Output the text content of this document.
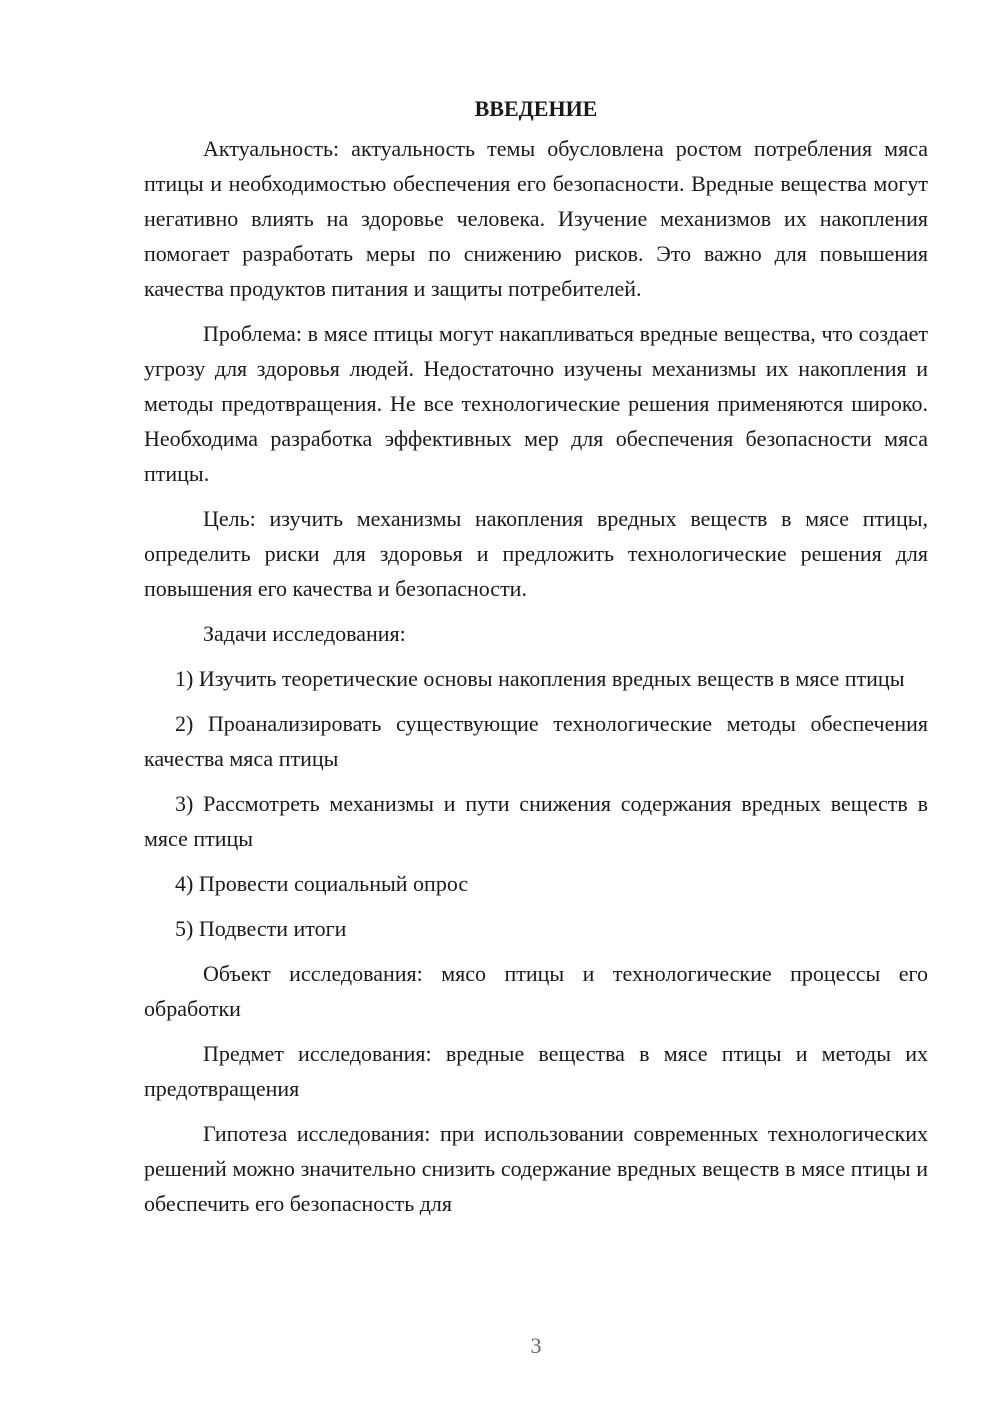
ВВЕДЕНИЕ

Актуальность: актуальность темы обусловлена ростом потребления мяса птицы и необходимостью обеспечения его безопасности. Вредные вещества могут негативно влиять на здоровье человека. Изучение механизмов их накопления помогает разработать меры по снижению рисков. Это важно для повышения качества продуктов питания и защиты потребителей.

Проблема: в мясе птицы могут накапливаться вредные вещества, что создает угрозу для здоровья людей. Недостаточно изучены механизмы их накопления и методы предотвращения. Не все технологические решения применяются широко. Необходима разработка эффективных мер для обеспечения безопасности мяса птицы.

Цель: изучить механизмы накопления вредных веществ в мясе птицы, определить риски для здоровья и предложить технологические решения для повышения его качества и безопасности.

Задачи исследования:

1) Изучить теоретические основы накопления вредных веществ в мясе птицы

2) Проанализировать существующие технологические методы обеспечения качества мяса птицы

3) Рассмотреть механизмы и пути снижения содержания вредных веществ в мясе птицы

4) Провести социальный опрос

5) Подвести итоги

Объект исследования: мясо птицы и технологические процессы его обработки

Предмет исследования: вредные вещества в мясе птицы и методы их предотвращения

Гипотеза исследования: при использовании современных технологических решений можно значительно снизить содержание вредных веществ в мясе птицы и обеспечить его безопасность для

3
